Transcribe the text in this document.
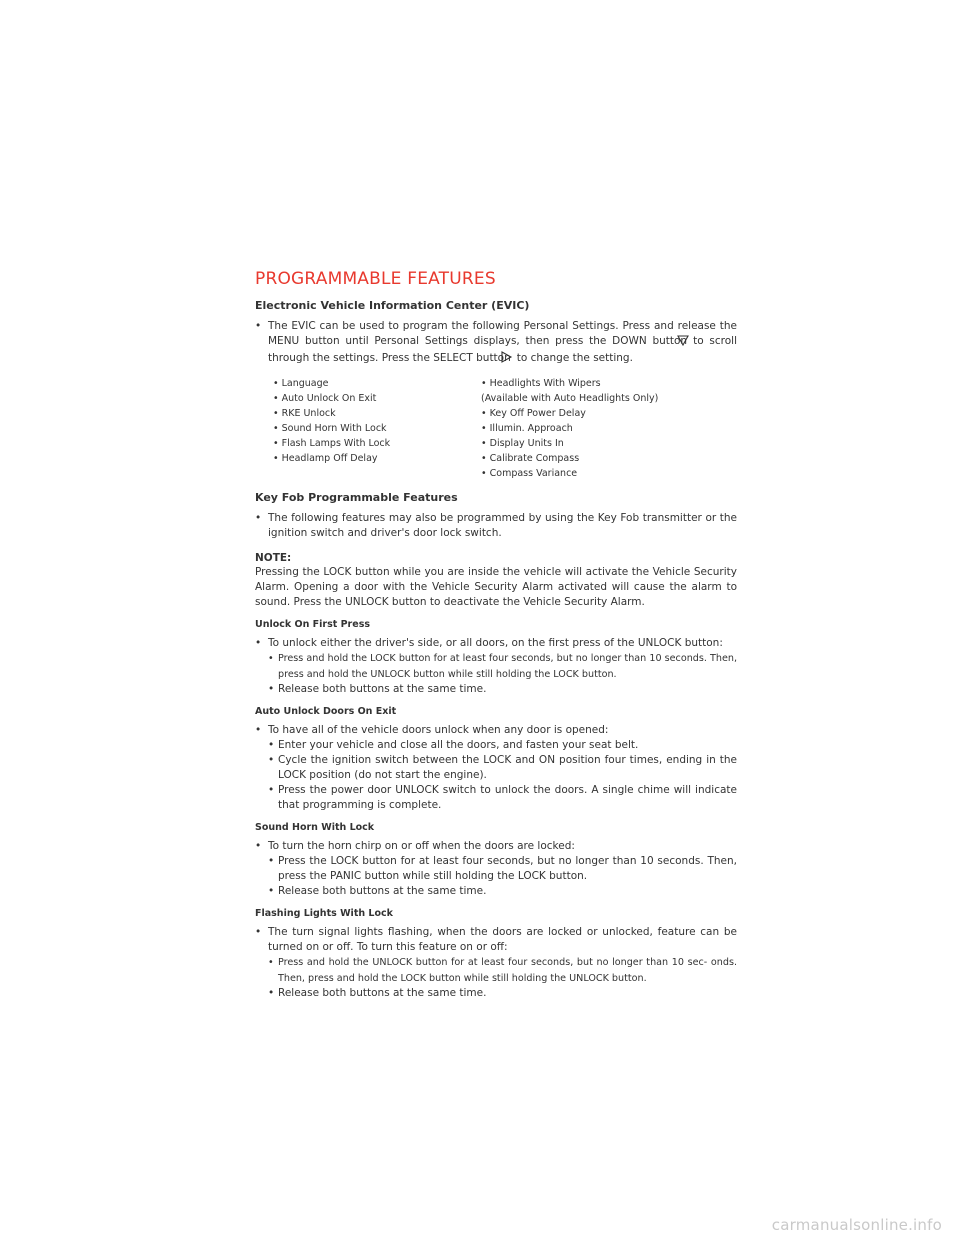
PROGRAMMABLE FEATURES
Electronic Vehicle Information Center (EVIC)

• The EVIC can be used to program the following Personal Settings. Press and release the MENU button until Personal Settings displays, then press the DOWN button to scroll through the settings. Press the SELECT button to change the setting.

• Language
• Auto Unlock On Exit
• RKE Unlock
• Sound Horn With Lock
• Flash Lamps With Lock
• Headlamp Off Delay
• Headlights With Wipers
(Available with Auto Headlights Only)
• Key Off Power Delay
• Illumin. Approach
• Display Units In
• Calibrate Compass
• Compass Variance
Key Fob Programmable Features

• The following features may also be programmed by using the Key Fob transmitter or the ignition switch and driver's door lock switch.

NOTE:

Pressing the LOCK button while you are inside the vehicle will activate the Vehicle Security Alarm. Opening a door with the Vehicle Security Alarm activated will cause the alarm to sound. Press the UNLOCK button to deactivate the Vehicle Security Alarm.

Unlock On First Press

• To unlock either the driver's side, or all doors, on the first press of the UNLOCK button:

• Press and hold the LOCK button for at least four seconds, but no longer than 10 seconds. Then, press and hold the UNLOCK button while still holding the LOCK button.

• Release both buttons at the same time.

Auto Unlock Doors On Exit

• To have all of the vehicle doors unlock when any door is opened:

• Enter your vehicle and close all the doors, and fasten your seat belt.

• Cycle the ignition switch between the LOCK and ON position four times, ending in the LOCK position (do not start the engine).

• Press the power door UNLOCK switch to unlock the doors. A single chime will indicate that programming is complete.

Sound Horn With Lock

• To turn the horn chirp on or off when the doors are locked:

• Press the LOCK button for at least four seconds, but no longer than 10 seconds. Then, press the PANIC button while still holding the LOCK button.

• Release both buttons at the same time.

Flashing Lights With Lock

• The turn signal lights flashing, when the doors are locked or unlocked, feature can be turned on or off. To turn this feature on or off:

• Press and hold the UNLOCK button for at least four seconds, but no longer than 10 sec- onds. Then, press and hold the LOCK button while still holding the UNLOCK button.

• Release both buttons at the same time.

carmanualsonline.info
